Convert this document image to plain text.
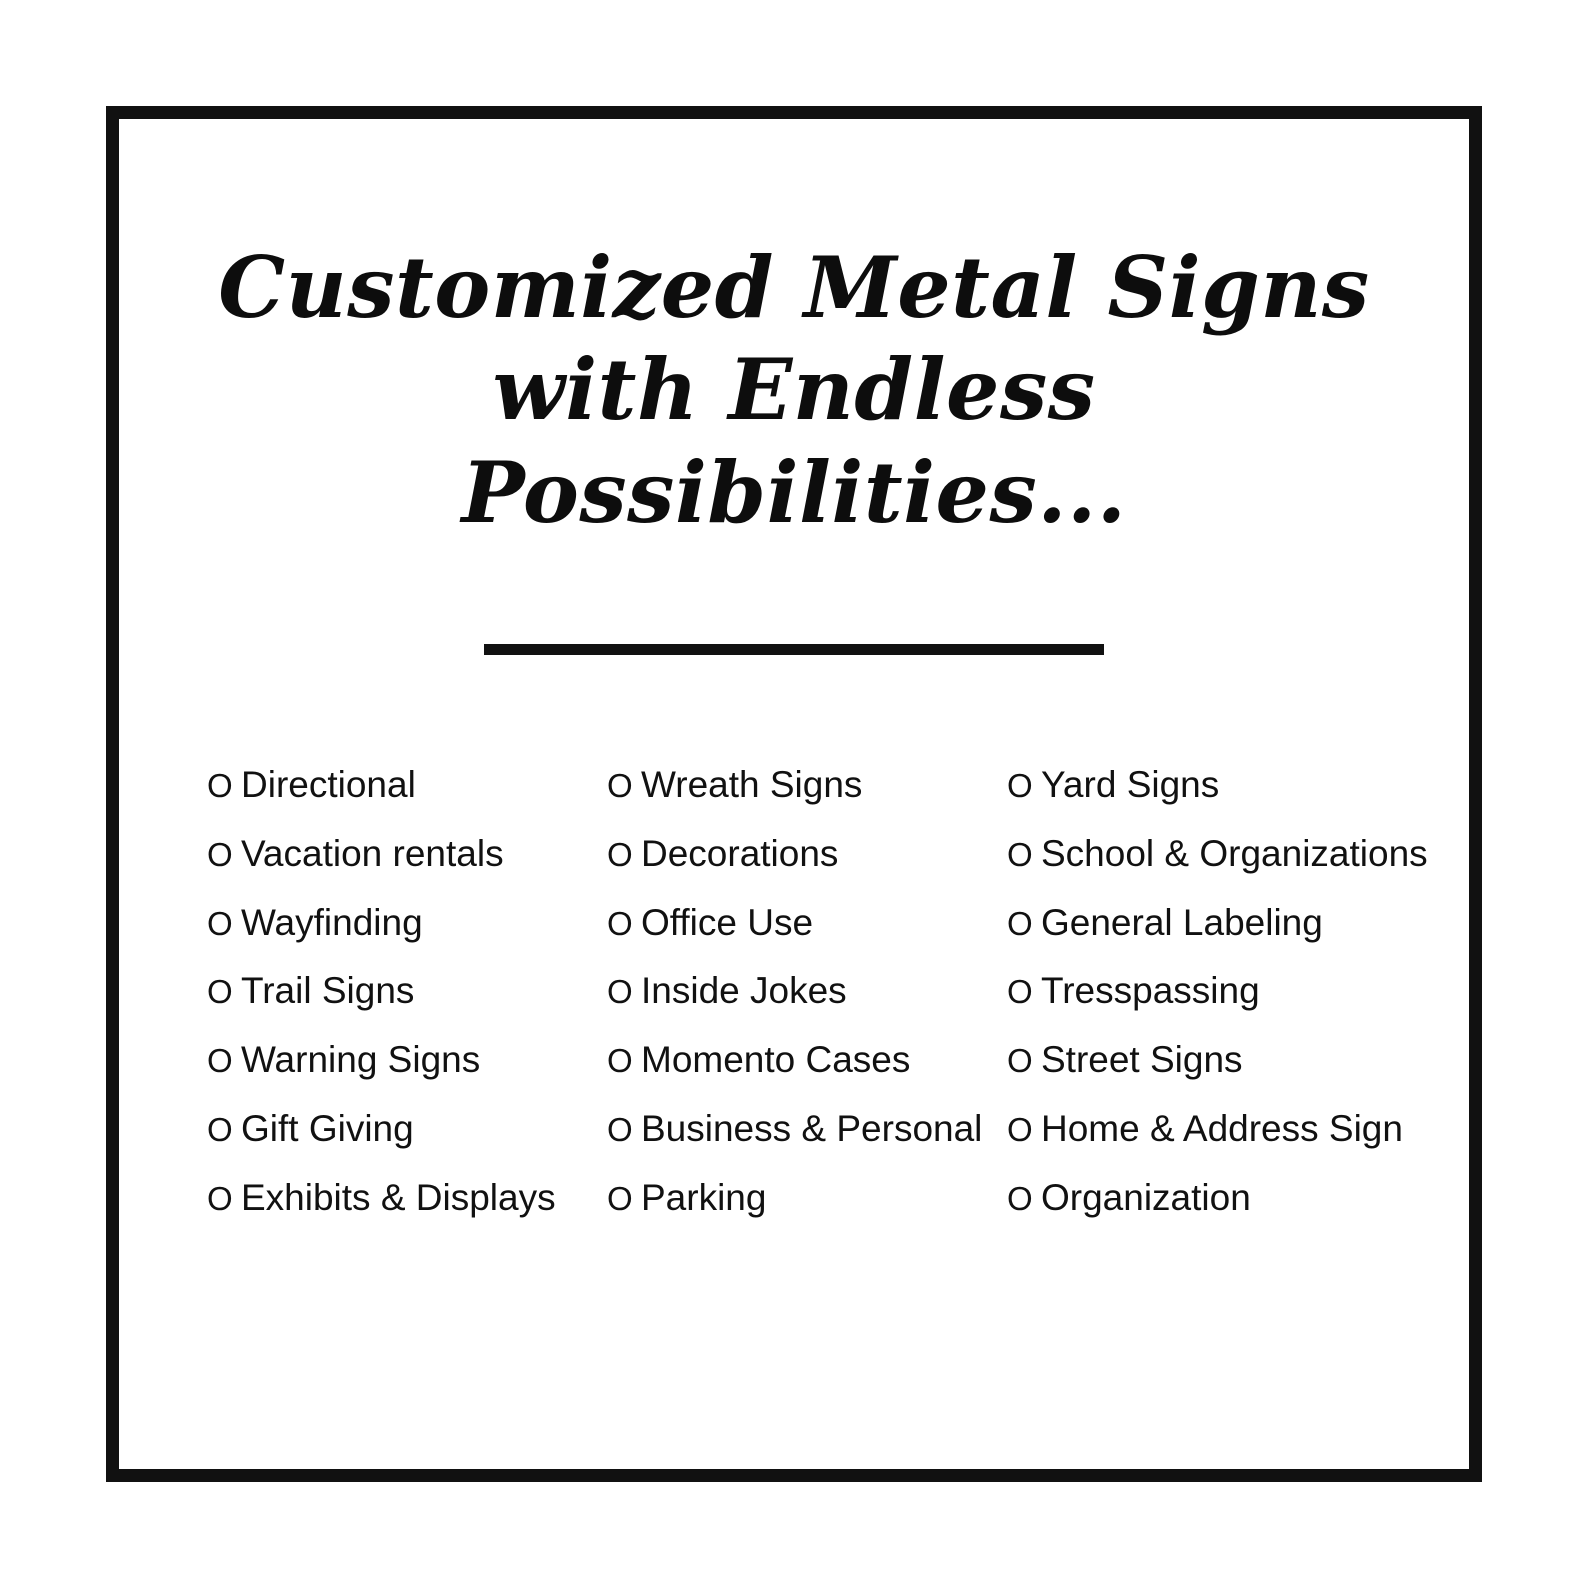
Customized Metal Signs
with Endless Possibilities...
O Directional
O Vacation rentals
O Wayfinding
O Trail Signs
O Warning Signs
O Gift Giving
O Exhibits & Displays
O Wreath Signs
O Decorations
O Office Use
O Inside Jokes
O Momento Cases
O Business & Personal
O Parking
O Yard Signs
O School & Organizations
O General Labeling
O Tresspassing
O Street Signs
O Home & Address Sign
O Organization
